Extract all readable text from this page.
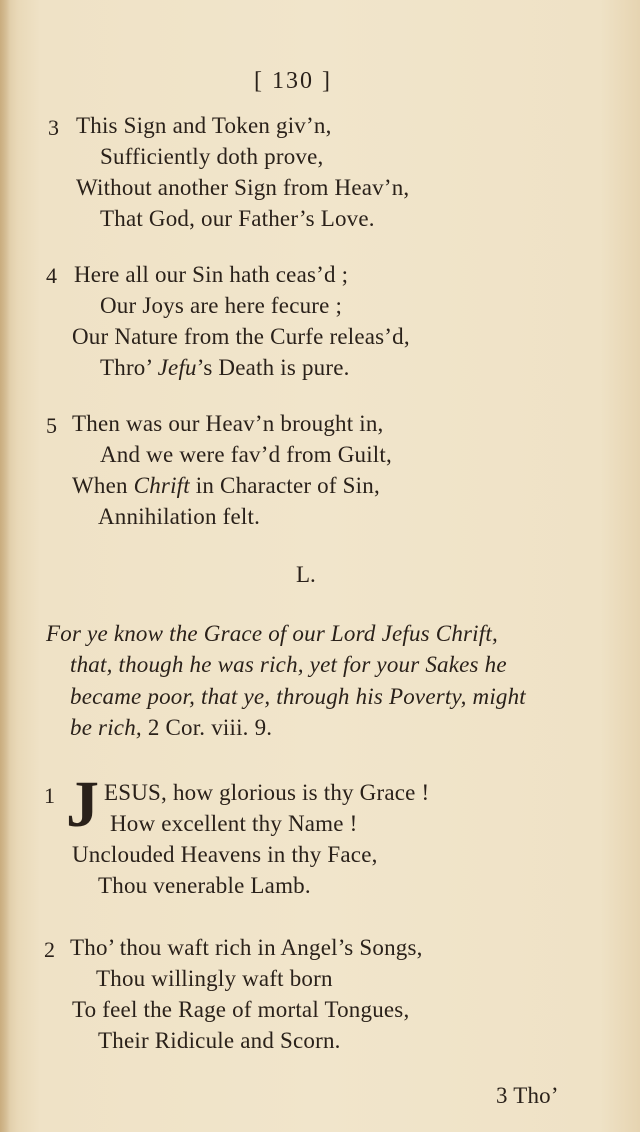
[ 130 ]
3 This Sign and Token giv’n,
Sufficiently doth prove,
Without another Sign from Heav’n,
That God, our Father’s Love.
4 Here all our Sin hath ceas’d ;
Our Joys are here fecure ;
Our Nature from the Curfe releas’d,
Thro’ Jefu’s Death is pure.
5 Then was our Heav’n brought in,
And we were fav’d from Guilt,
When Chrift in Character of Sin,
Annihilation felt.
L.
For ye know the Grace of our Lord Jefus Chrift,
that, though he was rich, yet for your Sakes he
became poor, that ye, through his Poverty, might
be rich, 2 Cor. viii. 9.
1 J ESUS, how glorious is thy Grace !
How excellent thy Name !
Unclouded Heavens in thy Face,
Thou venerable Lamb.
2 Tho’ thou waft rich in Angel’s Songs,
Thou willingly waft born
To feel the Rage of mortal Tongues,
Their Ridicule and Scorn.
3 Tho’
